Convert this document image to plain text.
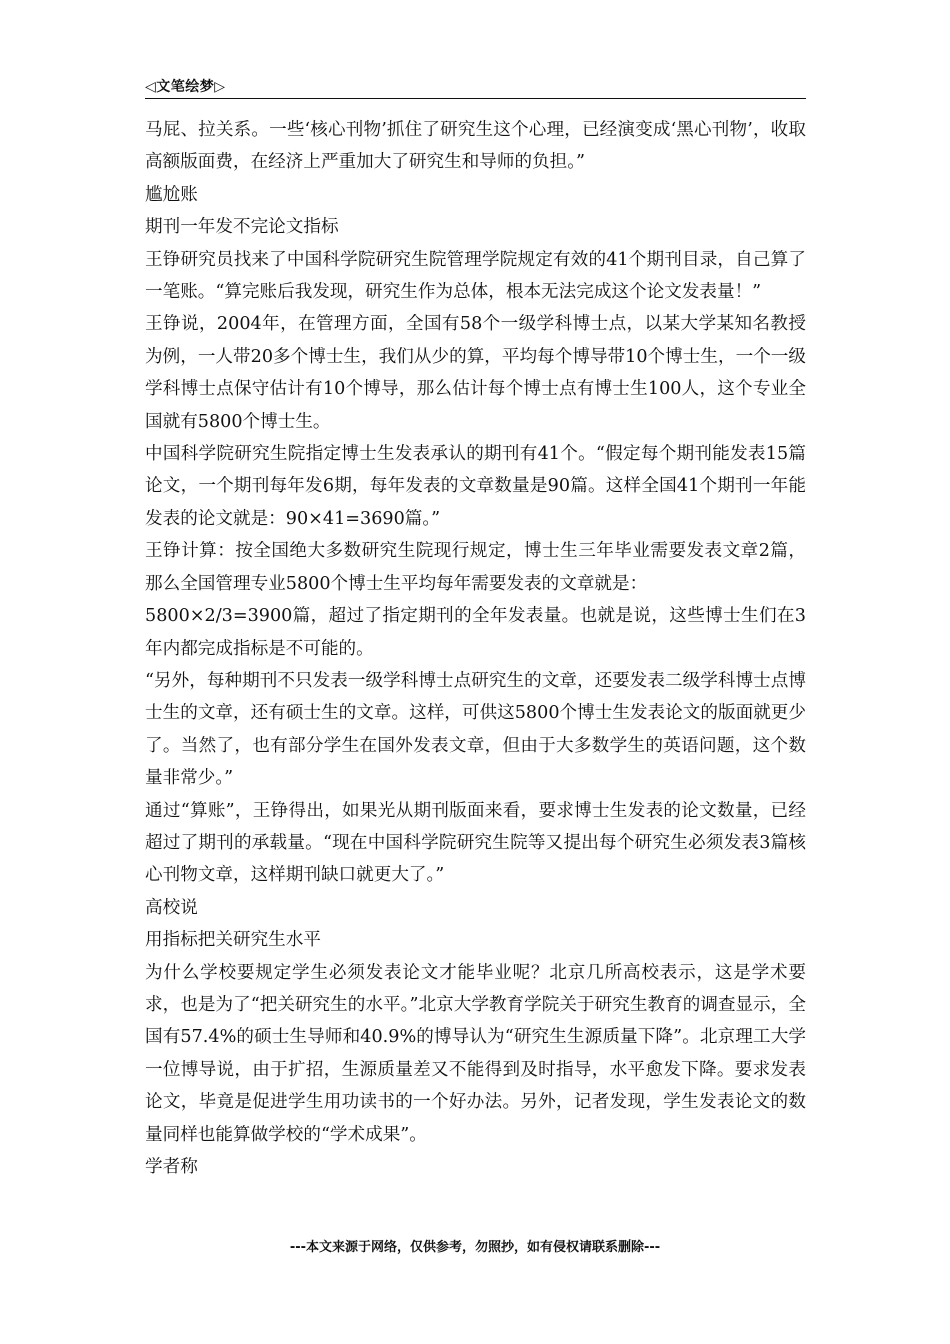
◁文笔绘梦▷

马屁、拉关系。一些‘核心刊物’抓住了研究生这个心理，已经演变成‘黑心刊物’，收取高额版面费，在经济上严重加大了研究生和导师的负担。”

尴尬账

期刊一年发不完论文指标

王铮研究员找来了中国科学院研究生院管理学院规定有效的41个期刊目录，自己算了一笔账。“算完账后我发现，研究生作为总体，根本无法完成这个论文发表量！”

王铮说，2004年，在管理方面，全国有58个一级学科博士点，以某大学某知名教授为例，一人带20多个博士生，我们从少的算，平均每个博导带10个博士生，一个一级学科博士点保守估计有10个博导，那么估计每个博士点有博士生100人，这个专业全国就有5800个博士生。

中国科学院研究生院指定博士生发表承认的期刊有41个。“假定每个期刊能发表15篇论文，一个期刊每年发6期，每年发表的文章数量是90篇。这样全国41个期刊一年能发表的论文就是：90×41=3690篇。”

王铮计算：按全国绝大多数研究生院现行规定，博士生三年毕业需要发表文章2篇，那么全国管理专业5800个博士生平均每年需要发表的文章就是：

5800×2/3=3900篇，超过了指定期刊的全年发表量。也就是说，这些博士生们在3年内都完成指标是不可能的。

“另外，每种期刊不只发表一级学科博士点研究生的文章，还要发表二级学科博士点博士生的文章，还有硕士生的文章。这样，可供这5800个博士生发表论文的版面就更少了。当然了，也有部分学生在国外发表文章，但由于大多数学生的英语问题，这个数量非常少。”

通过“算账”，王铮得出，如果光从期刊版面来看，要求博士生发表的论文数量，已经超过了期刊的承载量。“现在中国科学院研究生院等又提出每个研究生必须发表3篇核心刊物文章，这样期刊缺口就更大了。”

高校说

用指标把关研究生水平

为什么学校要规定学生必须发表论文才能毕业呢？北京几所高校表示，这是学术要求，也是为了“把关研究生的水平。”北京大学教育学院关于研究生教育的调查显示，全国有57.4%的硕士生导师和40.9%的博导认为“研究生生源质量下降”。北京理工大学一位博导说，由于扩招，生源质量差又不能得到及时指导，水平愈发下降。要求发表论文，毕竟是促进学生用功读书的一个好办法。另外，记者发现，学生发表论文的数量同样也能算做学校的“学术成果”。

学者称

---本文来源于网络，仅供参考，勿照抄，如有侵权请联系删除---
